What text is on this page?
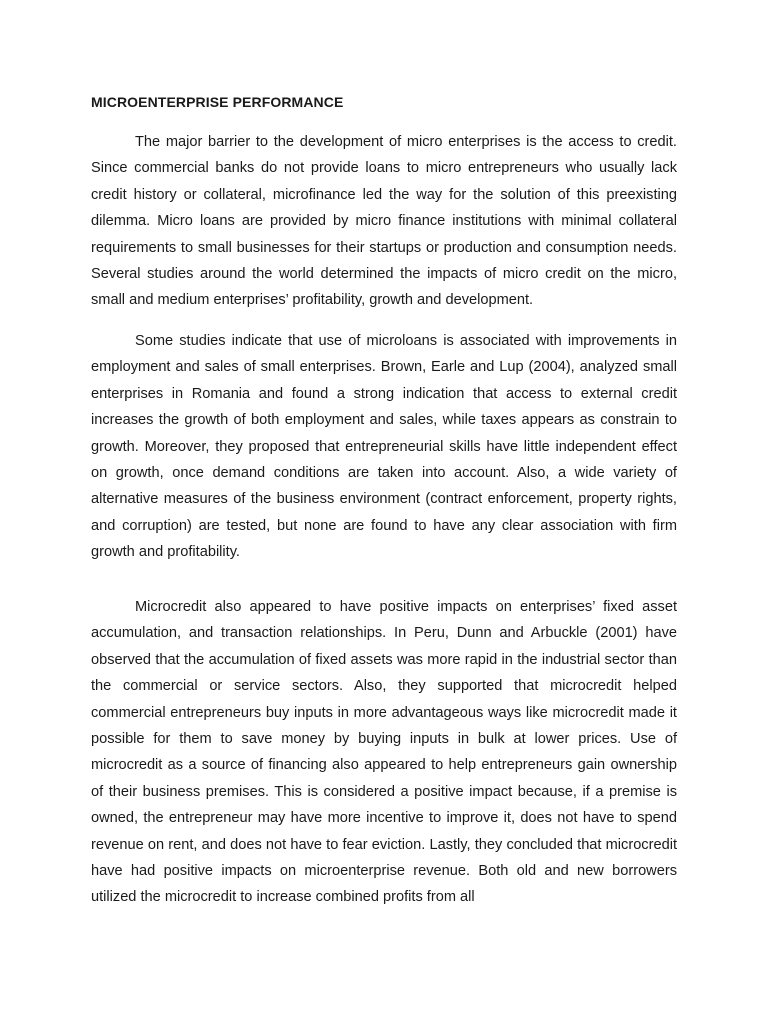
MICROENTERPRISE PERFORMANCE

The major barrier to the development of micro enterprises is the access to credit. Since commercial banks do not provide loans to micro entrepreneurs who usually lack credit history or collateral, microfinance led the way for the solution of this preexisting dilemma. Micro loans are provided by micro finance institutions with minimal collateral requirements to small businesses for their startups or production and consumption needs. Several studies around the world determined the impacts of micro credit on the micro, small and medium enterprises’ profitability, growth and development.

Some studies indicate that use of microloans is associated with improvements in employment and sales of small enterprises. Brown, Earle and Lup (2004), analyzed small enterprises in Romania and found a strong indication that access to external credit increases the growth of both employment and sales, while taxes appears as constrain to growth. Moreover, they proposed that entrepreneurial skills have little independent effect on growth, once demand conditions are taken into account. Also, a wide variety of alternative measures of the business environment (contract enforcement, property rights, and corruption) are tested, but none are found to have any clear association with firm growth and profitability.

Microcredit also appeared to have positive impacts on enterprises’ fixed asset accumulation, and transaction relationships. In Peru, Dunn and Arbuckle (2001) have observed that the accumulation of fixed assets was more rapid in the industrial sector than the commercial or service sectors. Also, they supported that microcredit helped commercial entrepreneurs buy inputs in more advantageous ways like microcredit made it possible for them to save money by buying inputs in bulk at lower prices. Use of microcredit as a source of financing also appeared to help entrepreneurs gain ownership of their business premises. This is considered a positive impact because, if a premise is owned, the entrepreneur may have more incentive to improve it, does not have to spend revenue on rent, and does not have to fear eviction. Lastly, they concluded that microcredit have had positive impacts on microenterprise revenue. Both old and new borrowers utilized the microcredit to increase combined profits from all
